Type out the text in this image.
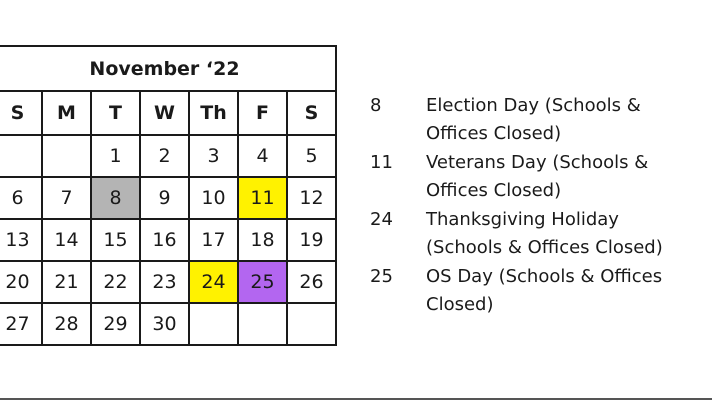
November ‘22						
S	M	T	W	Th	F	S
		1	2	3	4	5
6	7	8	9	10	11	12
13	14	15	16	17	18	19
20	21	22	23	24	25	26
27	28	29	30			
8	Election Day (Schools &
Offices Closed)
11	Veterans Day (Schools &
Offices Closed)
24	Thanksgiving Holiday
(Schools & Offices Closed)
25	OS Day (Schools & Offices Closed)
